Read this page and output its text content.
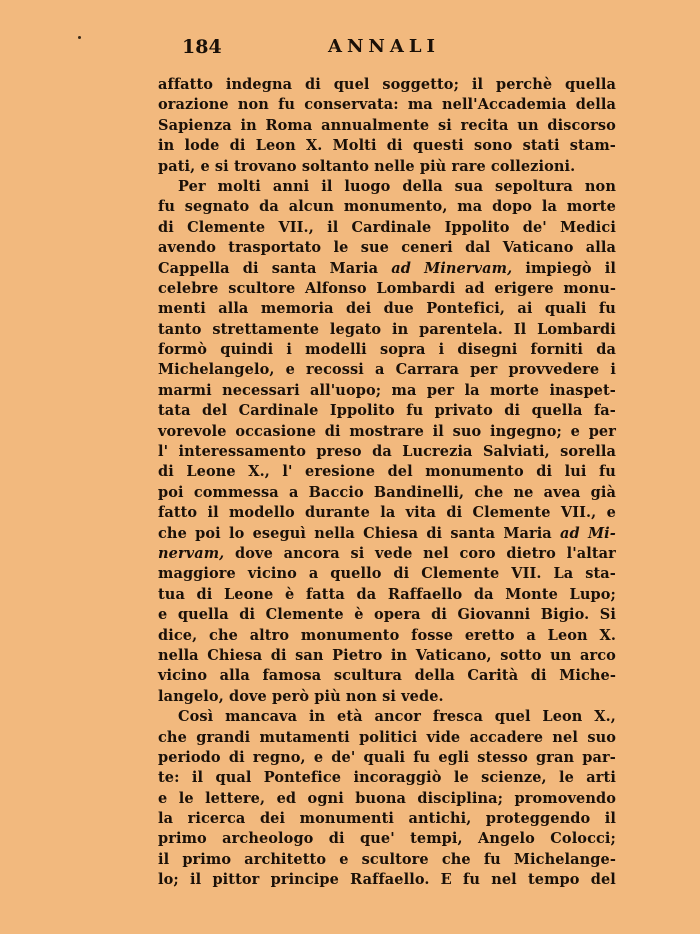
184	ANNALI
affatto indegna di quel soggetto; il perchè quella
orazione non fu conservata: ma nell'Accademia della
Sapienza in Roma annualmente si recita un discorso
in lode di Leon X. Molti di questi sono stati stam-
pati, e si trovano soltanto nelle più rare collezioni.
Per molti anni il luogo della sua sepoltura non
fu segnato da alcun monumento, ma dopo la morte
di Clemente VII., il Cardinale Ippolito de' Medici
avendo trasportato le sue ceneri dal Vaticano alla
Cappella di santa Maria ad Minervam, impiegò il
celebre scultore Alfonso Lombardi ad erigere monu-
menti alla memoria dei due Pontefici, ai quali fu
tanto strettamente legato in parentela. Il Lombardi
formò quindi i modelli sopra i disegni forniti da
Michelangelo, e recossi a Carrara per provvedere i
marmi necessari all'uopo; ma per la morte inaspet-
tata del Cardinale Ippolito fu privato di quella fa-
vorevole occasione di mostrare il suo ingegno; e per
l' interessamento preso da Lucrezia Salviati, sorella
di Leone X., l' eresione del monumento di lui fu
poi commessa a Baccio Bandinelli, che ne avea già
fatto il modello durante la vita di Clemente VII., e
che poi lo eseguì nella Chiesa di santa Maria ad Mi-
nervam, dove ancora si vede nel coro dietro l'altar
maggiore vicino a quello di Clemente VII. La sta-
tua di Leone è fatta da Raffaello da Monte Lupo;
e quella di Clemente è opera di Giovanni Bigio. Si
dice, che altro monumento fosse eretto a Leon X.
nella Chiesa di san Pietro in Vaticano, sotto un arco
vicino alla famosa scultura della Carità di Miche-
langelo, dove però più non si vede.
Così mancava in età ancor fresca quel Leon X.,
che grandi mutamenti politici vide accadere nel suo
periodo di regno, e de' quali fu egli stesso gran par-
te: il qual Pontefice incoraggiò le scienze, le arti
e le lettere, ed ogni buona disciplina; promovendo
la ricerca dei monumenti antichi, proteggendo il
primo archeologo di que' tempi, Angelo Colocci;
il primo architetto e scultore che fu Michelange-
lo; il pittor principe Raffaello. E fu nel tempo del
